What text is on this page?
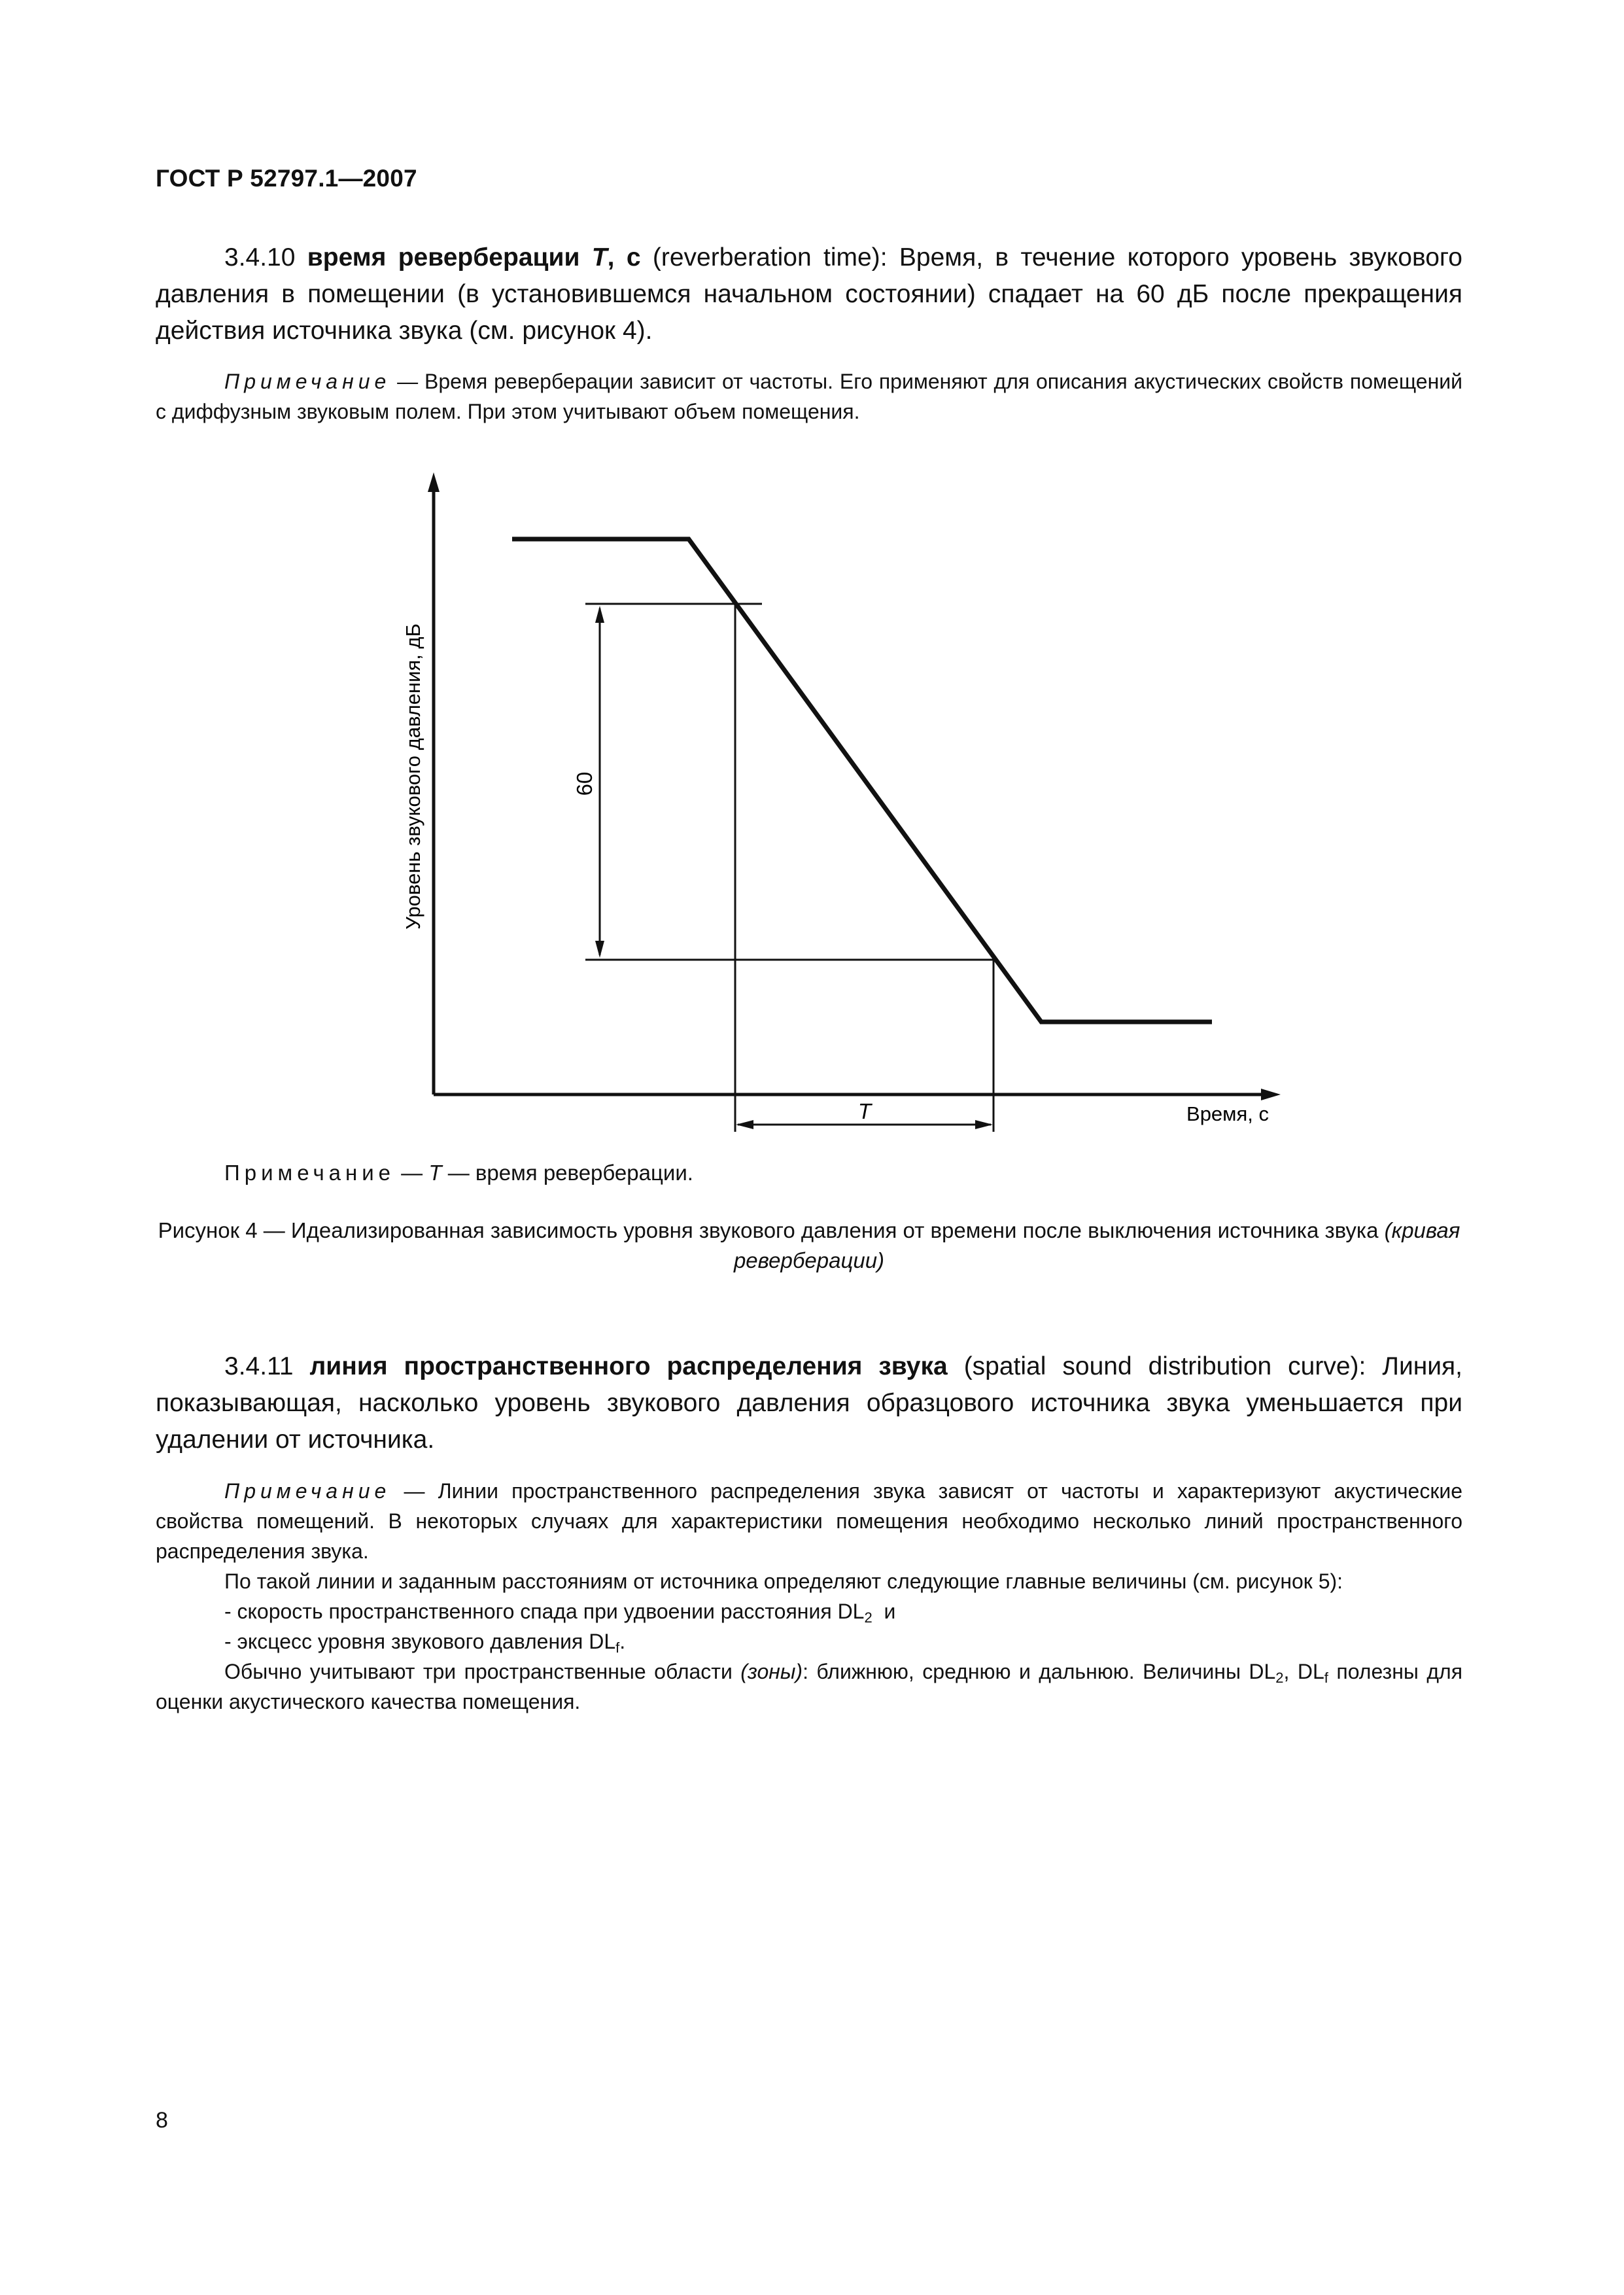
ГОСТ Р 52797.1—2007

3.4.10 время реверберации T, с (reverberation time): Время, в течение которого уровень звукового давления в помещении (в установившемся начальном состоянии) спадает на 60 дБ после прекращения действия источника звука (см. рисунок 4).

Примечание — Время реверберации зависит от частоты. Его применяют для описания акустических свойств помещений с диффузным звуковым полем. При этом учитывают объем помещения.

60
T
Уровень звукового давления, дБ
Время, с
Примечание — T — время реверберации.
Рисунок 4 — Идеализированная зависимость уровня звукового давления от времени после выключения источника звука (кривая реверберации)

3.4.11 линия пространственного распределения звука (spatial sound distribution curve): Линия, показывающая, насколько уровень звукового давления образцового источника звука уменьшается при удалении от источника.

Примечание — Линии пространственного распределения звука зависят от частоты и характеризуют акустические свойства помещений. В некоторых случаях для характеристики помещения необходимо несколько линий пространственного распределения звука.

По такой линии и заданным расстояниям от источника определяют следующие главные величины (см. рисунок 5):

- скорость пространственного спада при удвоении расстояния $DL_2$  и

- эксцесс уровня звукового давления $DL_f$.

Обычно учитывают три пространственные области (зоны): ближнюю, среднюю и дальнюю. Величины $DL_2$, $DL_f$ полезны для оценки акустического качества помещения.

8
